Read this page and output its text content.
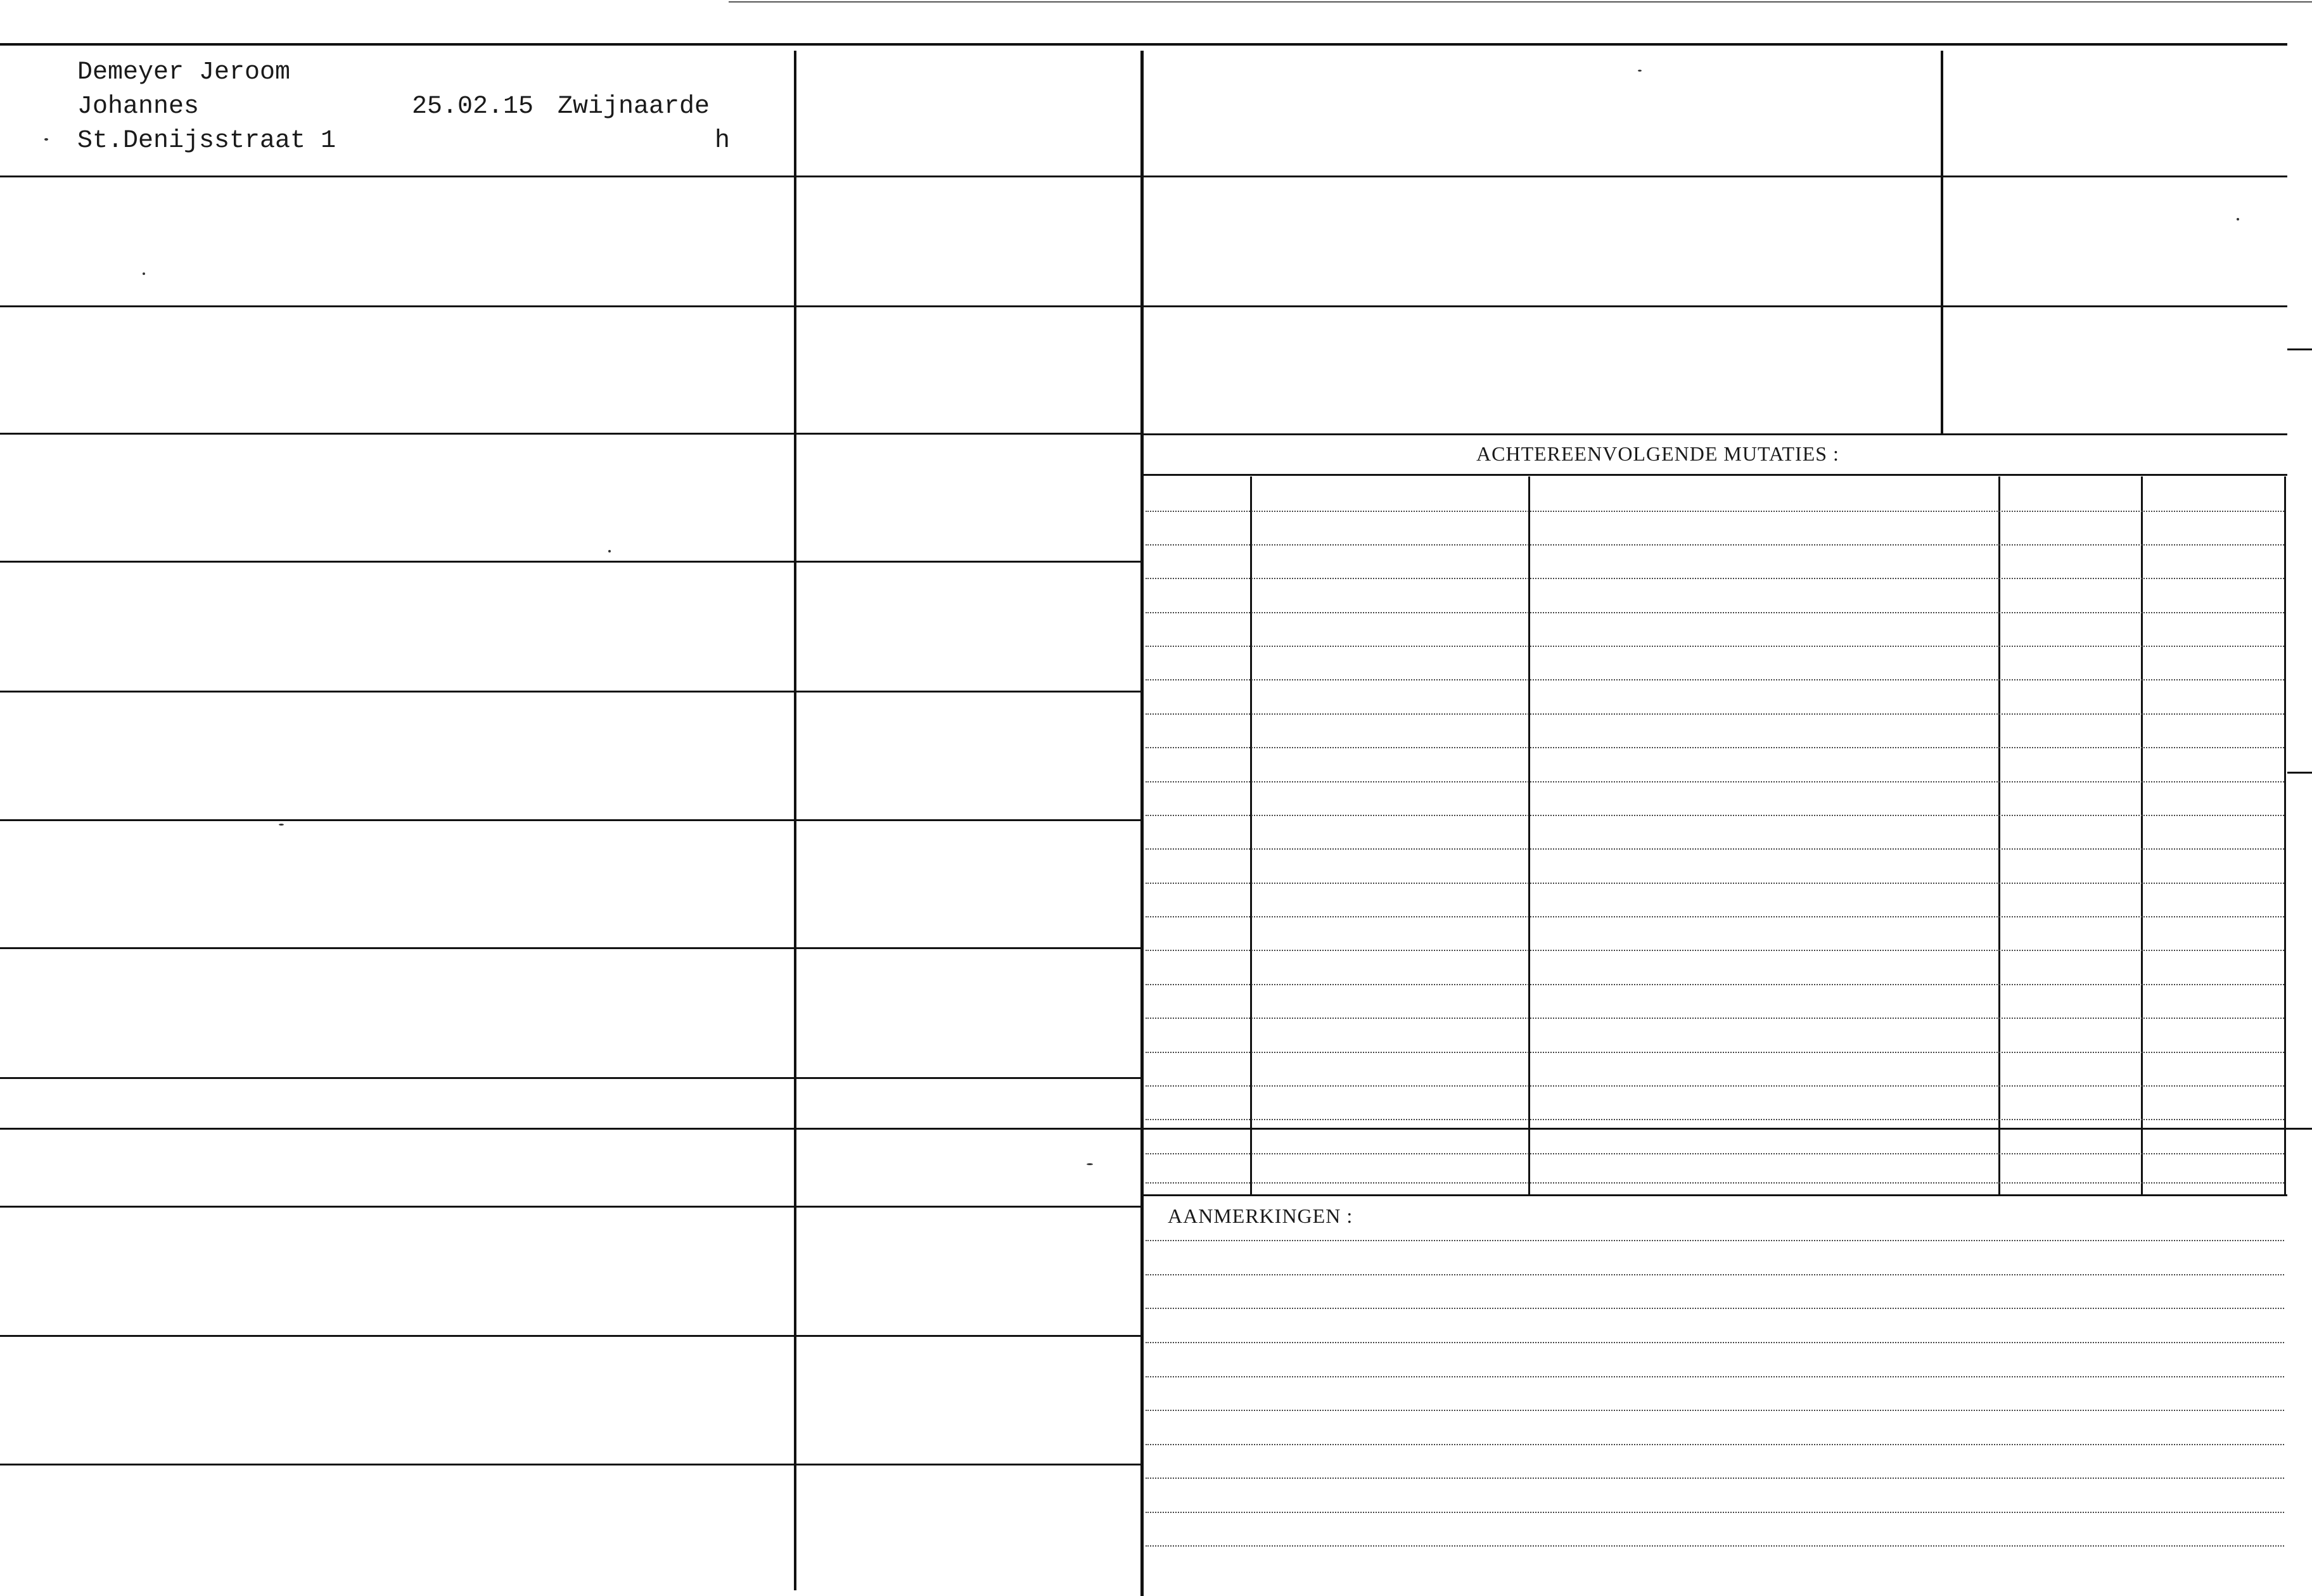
ACHTEREENVOLGENDE MUTATIES :
AANMERKINGEN :
Demeyer Jeroom
Johannes	25.02.15 Zwijnaarde
St.Denijsstraat 1	h
